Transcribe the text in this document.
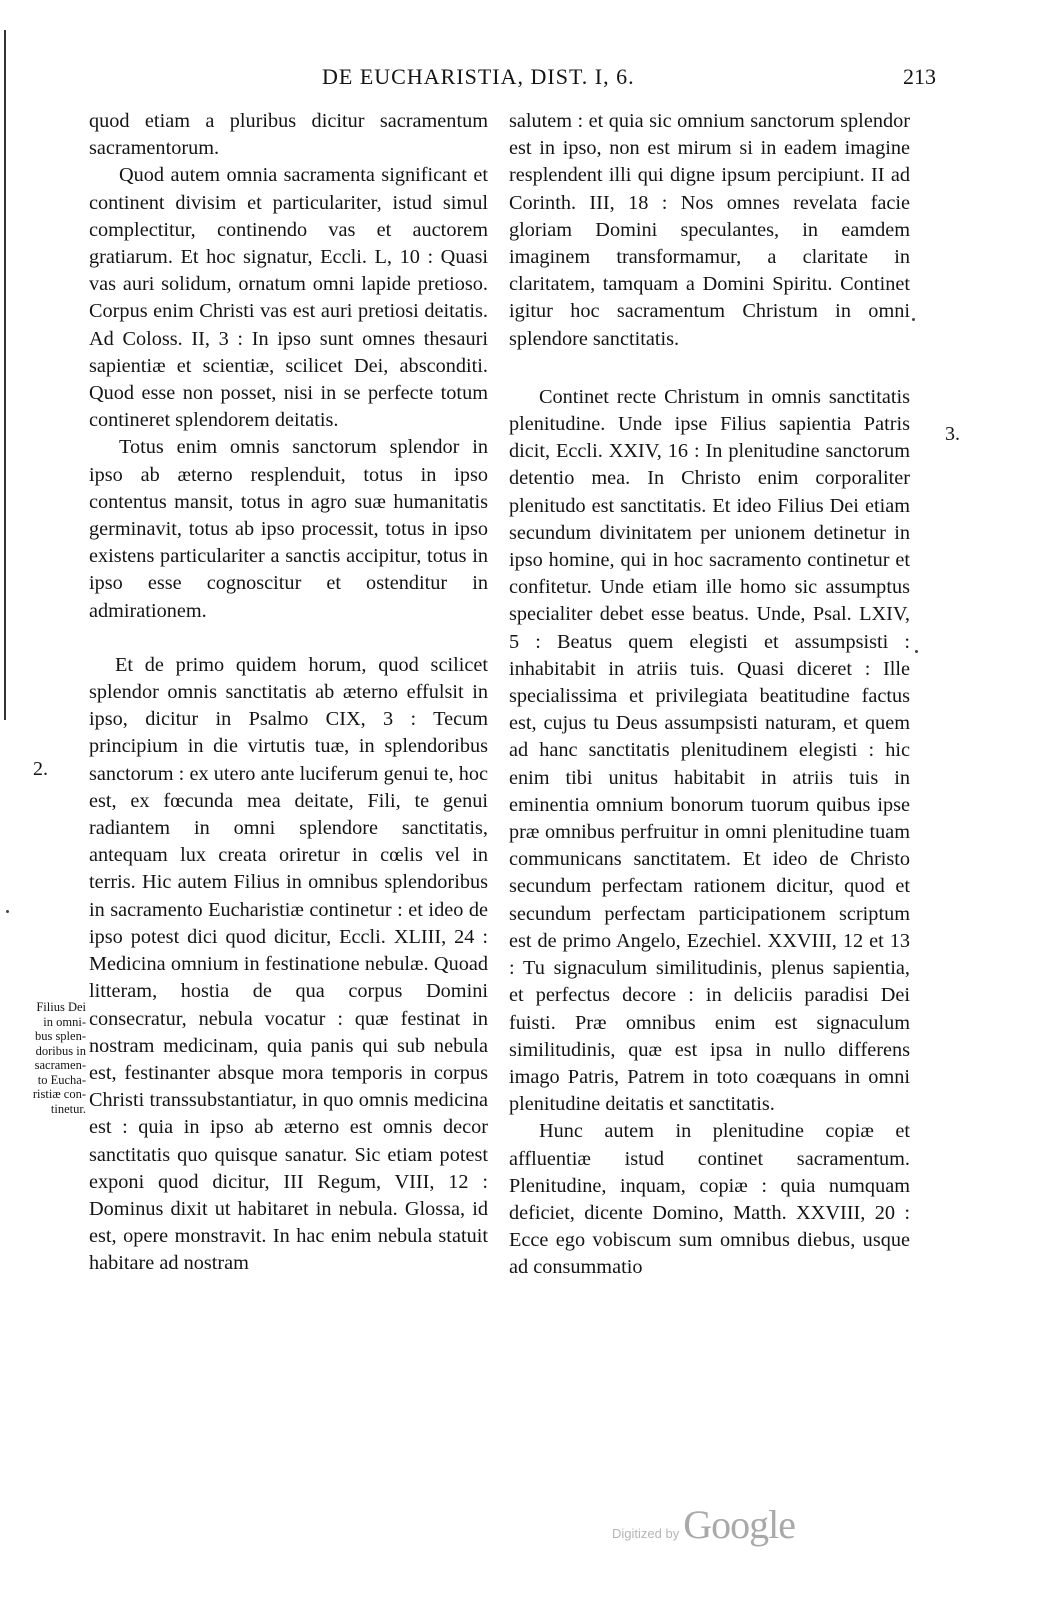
DE EUCHARISTIA, DIST. I, 6.	213
2.
3.
Filius Dei
in omni-
bus splen-
doribus in
sacramen-
to Eucha-
ristiæ con-
tinetur.

quod etiam a pluribus dicitur sacramentum sacramentorum.

Quod autem omnia sacramenta significant et continent divisim et particulariter, istud simul complectitur, continendo vas et auctorem gratiarum. Et hoc signatur, Eccli. L, 10 : Quasi vas auri solidum, ornatum omni lapide pretioso. Corpus enim Christi vas est auri pretiosi deitatis. Ad Coloss. II, 3 : In ipso sunt omnes thesauri sapientiæ et scientiæ, scilicet Dei, absconditi. Quod esse non posset, nisi in se perfecte totum contineret splendorem deitatis.

Totus enim omnis sanctorum splendor in ipso ab æterno resplenduit, totus in ipso contentus mansit, totus in agro suæ humanitatis germinavit, totus ab ipso processit, totus in ipso existens particulariter a sanctis accipitur, totus in ipso esse cognoscitur et ostenditur in admirationem.

Et de primo quidem horum, quod scilicet splendor omnis sanctitatis ab æterno effulsit in ipso, dicitur in Psalmo CIX, 3 : Tecum principium in die virtutis tuæ, in splendoribus sanctorum : ex utero ante luciferum genui te, hoc est, ex fœcunda mea deitate, Fili, te genui radiantem in omni splendore sanctitatis, antequam lux creata oriretur in cœlis vel in terris. Hic autem Filius in omnibus splendoribus in sacramento Eucharistiæ continetur : et ideo de ipso potest dici quod dicitur, Eccli. XLIII, 24 : Medicina omnium in festinatione nebulæ. Quoad litteram, hostia de qua corpus Domini consecratur, nebula vocatur : quæ festinat in nostram medicinam, quia panis qui sub nebula est, festinanter absque mora temporis in corpus Christi transsubstantiatur, in quo omnis medicina est : quia in ipso ab æterno est omnis decor sanctitatis quo quisque sanatur. Sic etiam potest exponi quod dicitur, III Regum, VIII, 12 : Dominus dixit ut habitaret in nebula. Glossa, id est, opere monstravit. In hac enim nebula statuit habitare ad nostram

salutem : et quia sic omnium sanctorum splendor est in ipso, non est mirum si in eadem imagine resplendent illi qui digne ipsum percipiunt. II ad Corinth. III, 18 : Nos omnes revelata facie gloriam Domini speculantes, in eamdem imaginem transformamur, a claritate in claritatem, tamquam a Domini Spiritu. Continet igitur hoc sacramentum Christum in omni splendore sanctitatis.

Continet recte Christum in omnis sanctitatis plenitudine. Unde ipse Filius sapientia Patris dicit, Eccli. XXIV, 16 : In plenitudine sanctorum detentio mea. In Christo enim corporaliter plenitudo est sanctitatis. Et ideo Filius Dei etiam secundum divinitatem per unionem detinetur in ipso homine, qui in hoc sacramento continetur et confitetur. Unde etiam ille homo sic assumptus specialiter debet esse beatus. Unde, Psal. LXIV, 5 : Beatus quem elegisti et assumpsisti : inhabitabit in atriis tuis. Quasi diceret : Ille specialissima et privilegiata beatitudine factus est, cujus tu Deus assumpsisti naturam, et quem ad hanc sanctitatis plenitudinem elegisti : hic enim tibi unitus habitabit in atriis tuis in eminentia omnium bonorum tuorum quibus ipse præ omnibus perfruitur in omni plenitudine tuam communicans sanctitatem. Et ideo de Christo secundum perfectam rationem dicitur, quod et secundum perfectam participationem scriptum est de primo Angelo, Ezechiel. XXVIII, 12 et 13 : Tu signaculum similitudinis, plenus sapientia, et perfectus decore : in deliciis paradisi Dei fuisti. Præ omnibus enim est signaculum similitudinis, quæ est ipsa in nullo differens imago Patris, Patrem in toto coæquans in omni plenitudine deitatis et sanctitatis.

Hunc autem in plenitudine copiæ et affluentiæ istud continet sacramentum. Plenitudine, inquam, copiæ : quia numquam deficiet, dicente Domino, Matth. XXVIII, 20 : Ecce ego vobiscum sum omnibus diebus, usque ad consummatio

Digitized by Google
